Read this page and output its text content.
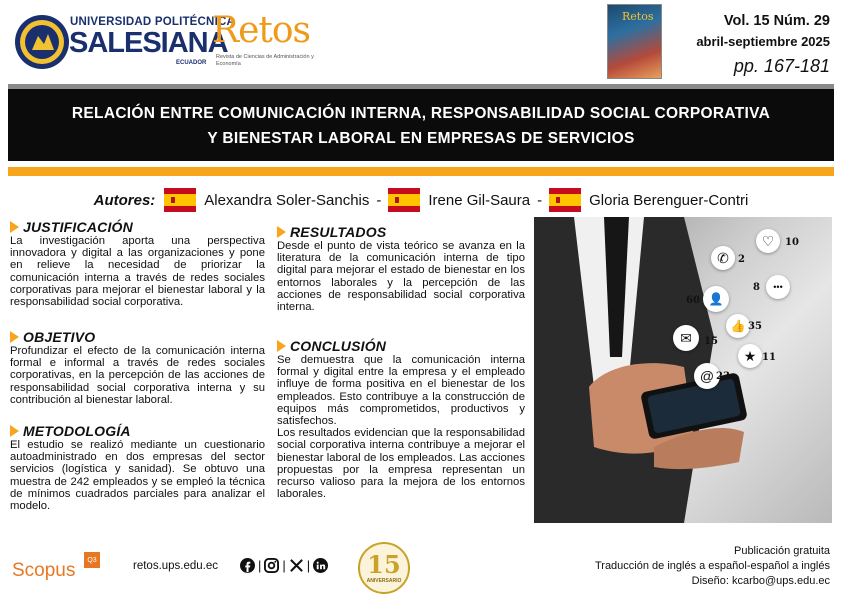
UNIVERSIDAD POLITÉCNICA
SALESIANA
ECUADOR
Retos
Revista de Ciencias de Administración y Economía
Retos	Vol. 15 Núm. 29
abril-septiembre 2025
pp. 167-181
RELACIÓN ENTRE COMUNICACIÓN INTERNA, RESPONSABILIDAD SOCIAL CORPORATIVA
Y BIENESTAR LABORAL EN EMPRESAS DE SERVICIOS
Autores:	Alexandra Soler-Sanchis -	Irene Gil-Saura -	Gloria Berenguer-Contri
JUSTIFICACIÓN
La investigación aporta una perspectiva innovadora y digital a las organizaciones y pone en relieve la necesidad de priorizar la comunicación interna a través de redes sociales corporativas para mejorar el bienestar laboral y la responsabilidad social corporativa.
OBJETIVO
Profundizar el efecto de la comunicación interna formal e informal a través de redes sociales corporativas, en la percepción de las acciones de responsabilidad social corporativa interna y su contribución al bienestar laboral.
METODOLOGÍA
El estudio se realizó mediante un cuestionario autoadministrado en dos empresas del sector servicios (logística y sanidad). Se obtuvo una muestra de 242 empleados y se empleó la técnica de mínimos cuadrados parciales para analizar el modelo.
RESULTADOS
Desde el punto de vista teórico se avanza en la literatura de la comunicación interna de tipo digital para mejorar el estado de bienestar en los entornos laborales y la percepción de las acciones de responsabilidad social corporativa interna.
CONCLUSIÓN
Se demuestra que la comunicación interna formal y digital entre la empresa y el empleado influye de forma positiva en el bienestar de los empleados. Esto contribuye a la construcción de equipos más comprometidos, productivos y satisfechos.
Los resultados evidencian que la responsabilidad social corporativa interna contribuye a mejorar el bienestar laboral de los empleados. Las acciones propuestas por la empresa representan un recurso valioso para la mejora de los entornos laborales.
♡ 10
✆ 2
•••
8
👤
60
👍 35
✉ 15
★ 11
@ 23
Scopus	Q3	retos.ups.edu.ec	| | |	15
ANIVERSARIO
Publicación gratuita
Traducción de inglés a español-español a inglés
Diseño: kcarbo@ups.edu.ec
